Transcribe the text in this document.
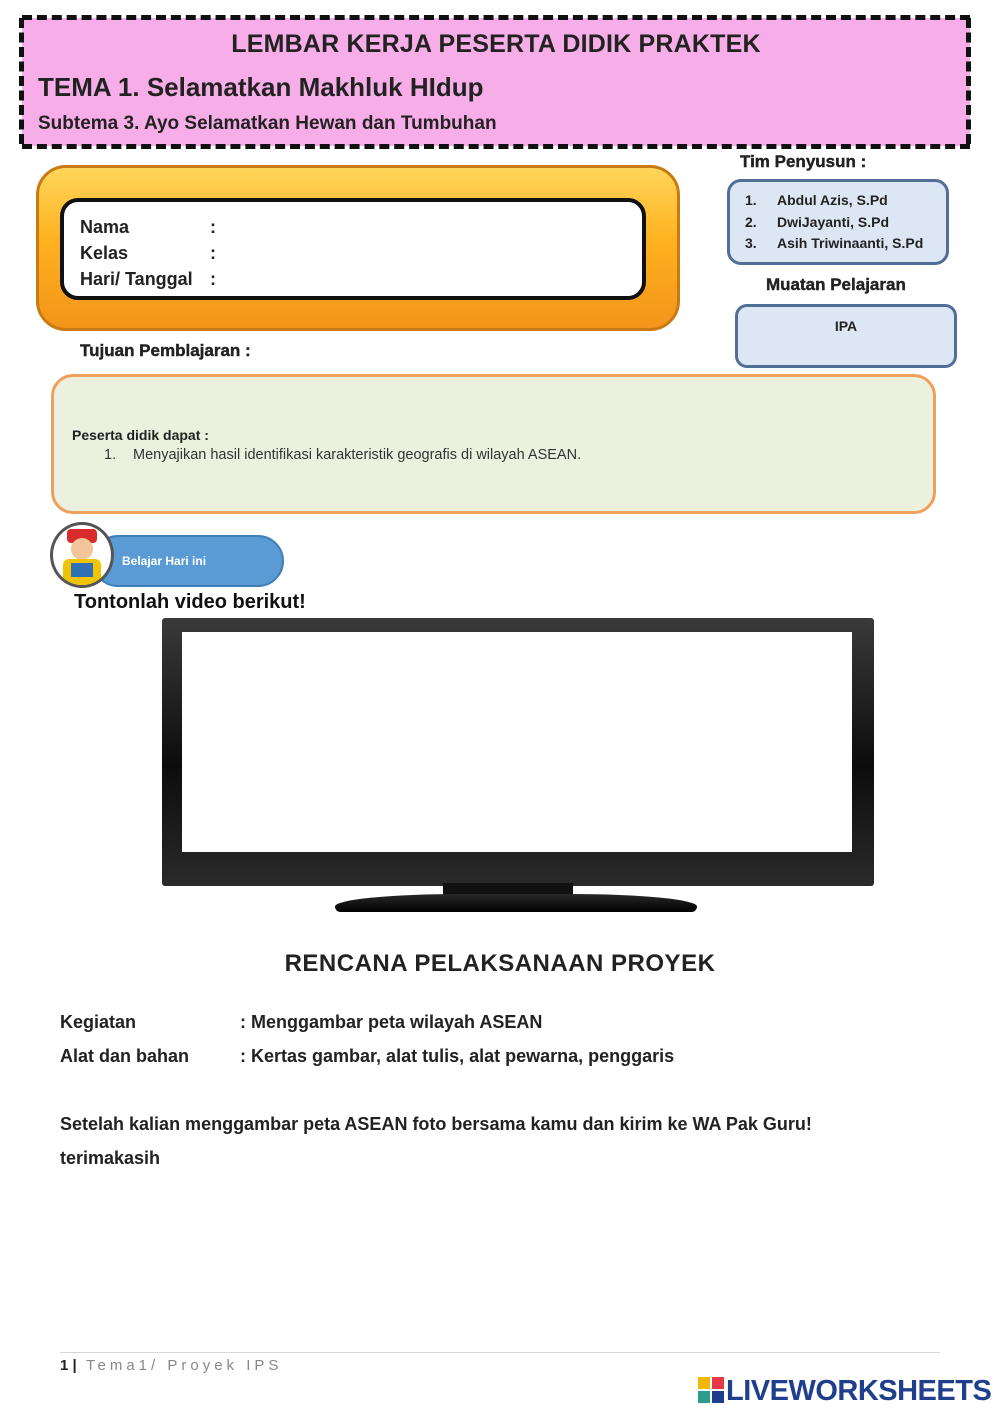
LEMBAR KERJA PESERTA DIDIK PRAKTEK
TEMA 1. Selamatkan Makhluk HIdup
Subtema 3. Ayo Selamatkan Hewan dan Tumbuhan
Nama	:
Kelas	:
Hari/ Tanggal :
Tim Penyusun :
1. Abdul Azis, S.Pd
2. DwiJayanti, S.Pd
3. Asih Triwinaanti, S.Pd
Muatan Pelajaran
IPA
Tujuan Pemblajaran :
Peserta didik dapat :
1. Menyajikan hasil identifikasi karakteristik geografis di wilayah ASEAN.
Belajar Hari ini
Tontonlah video berikut!
RENCANA PELAKSANAAN PROYEK
Kegiatan	: Menggambar peta wilayah ASEAN
Alat dan bahan	: Kertas gambar, alat tulis, alat pewarna, penggaris
Setelah kalian menggambar peta ASEAN foto bersama kamu dan kirim ke WA Pak Guru!
terimakasih
1 | Tema1/ Proyek IPS
LIVEWORKSHEETS
